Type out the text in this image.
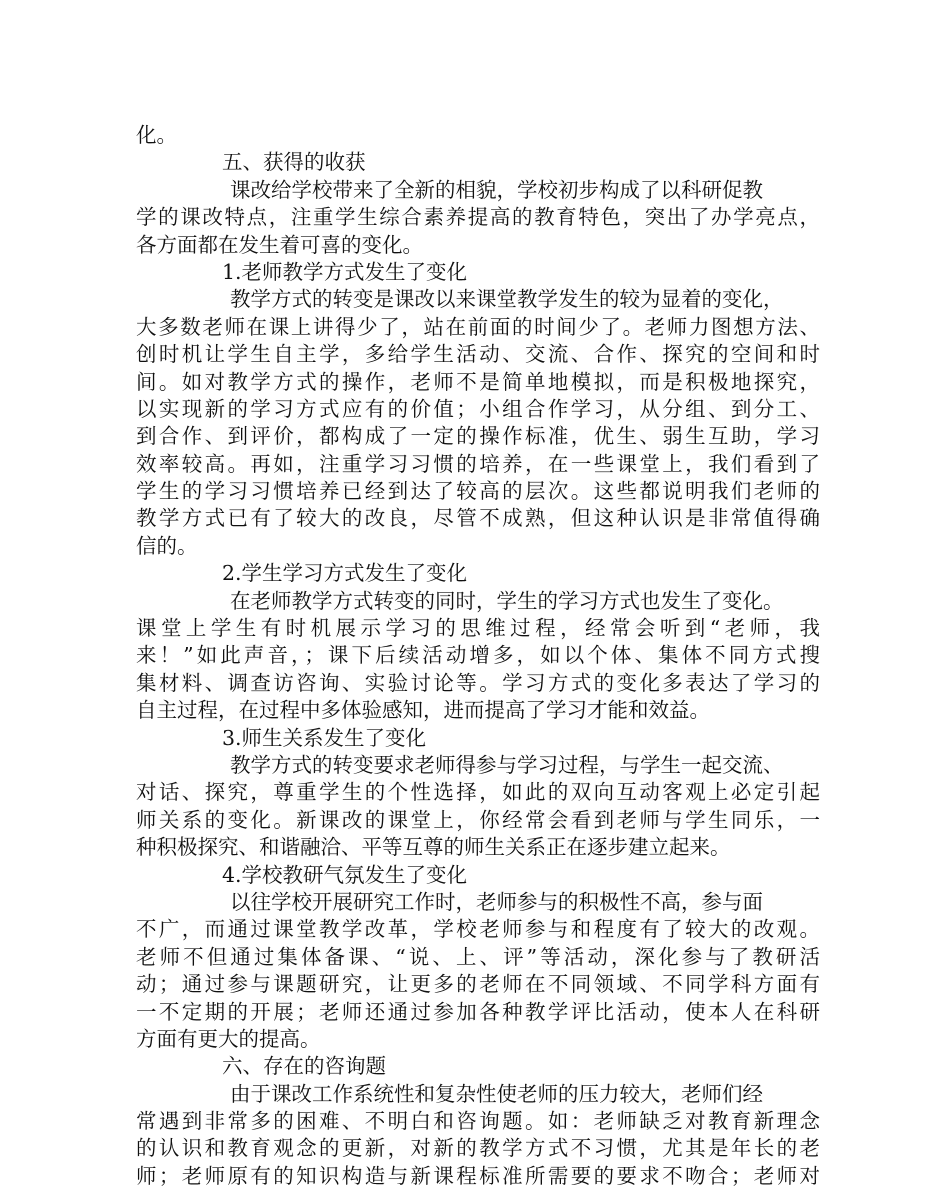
化。
五、获得的收获
课改给学校带来了全新的相貌，学校初步构成了以科研促教
学的课改特点，注重学生综合素养提高的教育特色，突出了办学亮点，
各方面都在发生着可喜的变化。
1.老师教学方式发生了变化
教学方式的转变是课改以来课堂教学发生的较为显着的变化，
大多数老师在课上讲得少了，站在前面的时间少了。老师力图想方法、
创时机让学生自主学，多给学生活动、交流、合作、探究的空间和时
间。如对教学方式的操作，老师不是简单地模拟，而是积极地探究，
以实现新的学习方式应有的价值；小组合作学习，从分组、到分工、
到合作、到评价，都构成了一定的操作标准，优生、弱生互助，学习
效率较高。再如，注重学习习惯的培养，在一些课堂上，我们看到了
学生的学习习惯培养已经到达了较高的层次。这些都说明我们老师的
教学方式已有了较大的改良，尽管不成熟，但这种认识是非常值得确
信的。
2.学生学习方式发生了变化
在老师教学方式转变的同时，学生的学习方式也发生了变化。
课堂上学生有时机展示学习的思维过程，经常会听到“老师，我
来！”如此声音，；课下后续活动增多，如以个体、集体不同方式搜
集材料、调查访咨询、实验讨论等。学习方式的变化多表达了学习的
自主过程，在过程中多体验感知，进而提高了学习才能和效益。
3.师生关系发生了变化
教学方式的转变要求老师得参与学习过程，与学生一起交流、
对话、探究，尊重学生的个性选择，如此的双向互动客观上必定引起
师关系的变化。新课改的课堂上，你经常会看到老师与学生同乐，一
种积极探究、和谐融洽、平等互尊的师生关系正在逐步建立起来。
4.学校教研气氛发生了变化
以往学校开展研究工作时，老师参与的积极性不高，参与面
不广，而通过课堂教学改革，学校老师参与和程度有了较大的改观。
老师不但通过集体备课、“说、上、评”等活动，深化参与了教研活
动；通过参与课题研究，让更多的老师在不同领域、不同学科方面有
一不定期的开展；老师还通过参加各种教学评比活动，使本人在科研
方面有更大的提高。
六、存在的咨询题
由于课改工作系统性和复杂性使老师的压力较大，老师们经
常遇到非常多的困难、不明白和咨询题。如：老师缺乏对教育新理念
的认识和教育观念的更新，对新的教学方式不习惯，尤其是年长的老
师；老师原有的知识构造与新课程标准所需要的要求不吻合；老师对
